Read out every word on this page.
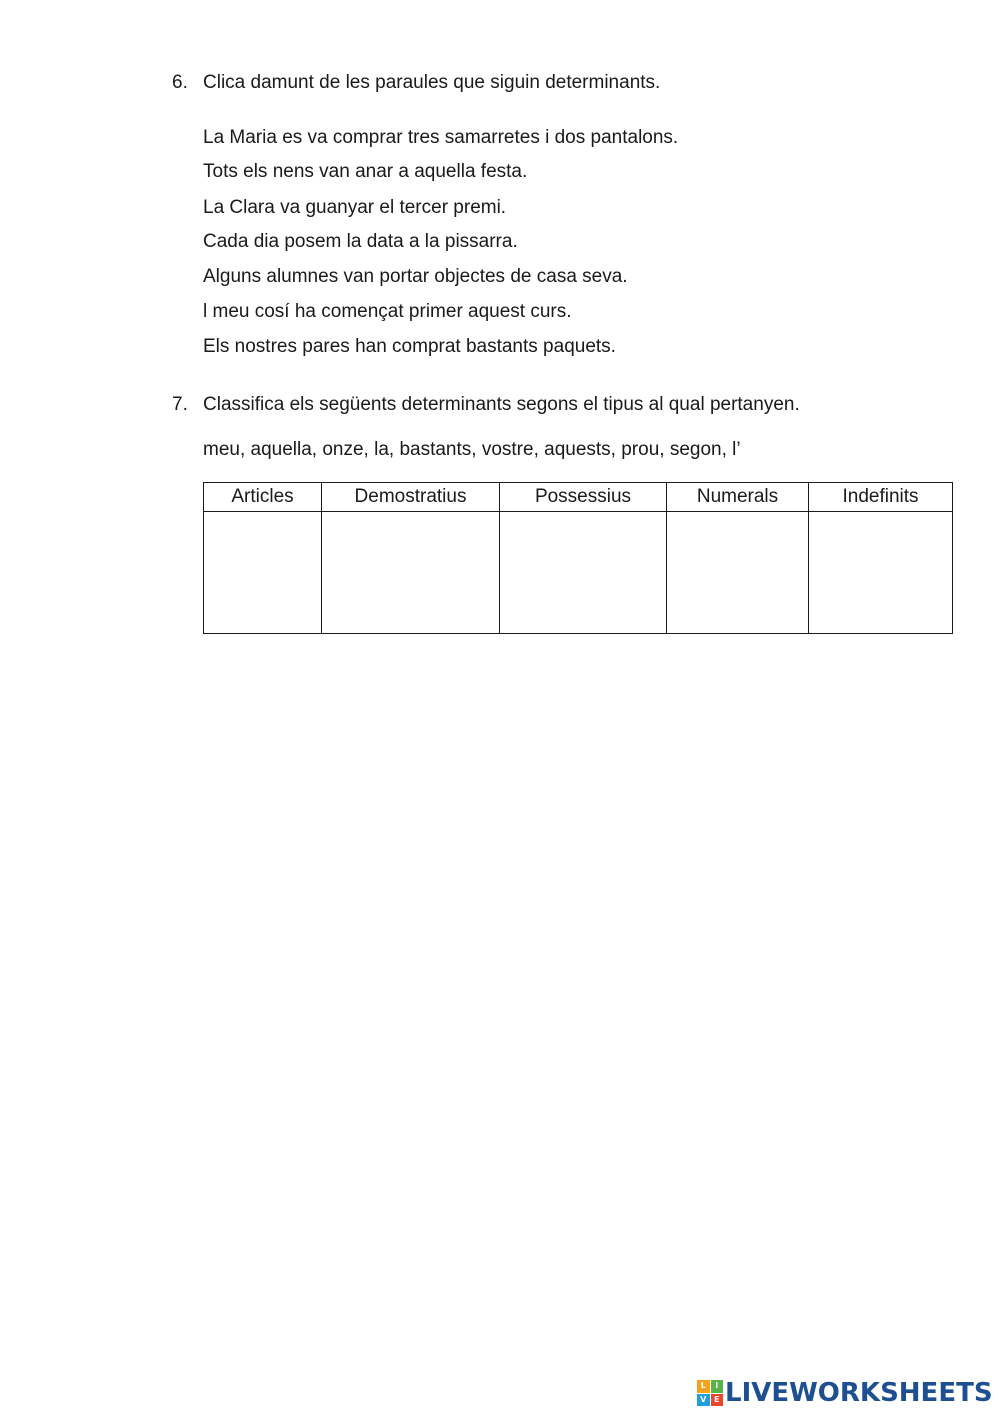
6. Clica damunt de les paraules que siguin determinants.
La Maria es va comprar tres samarretes i dos pantalons.
Tots els nens van anar a aquella festa.
La Clara va guanyar el tercer premi.
Cada dia posem la data a la pissarra.
Alguns alumnes van portar objectes de casa seva.
l meu cosí ha començat primer aquest curs.
Els nostres pares han comprat bastants paquets.
7. Classifica els següents determinants segons el tipus al qual pertanyen.
meu, aquella, onze, la, bastants, vostre, aquests, prou, segon, l’
Articles	Demostratius	Possessius	Numerals	Indefinits

L	I
V E LIVEWORKSHEETS
